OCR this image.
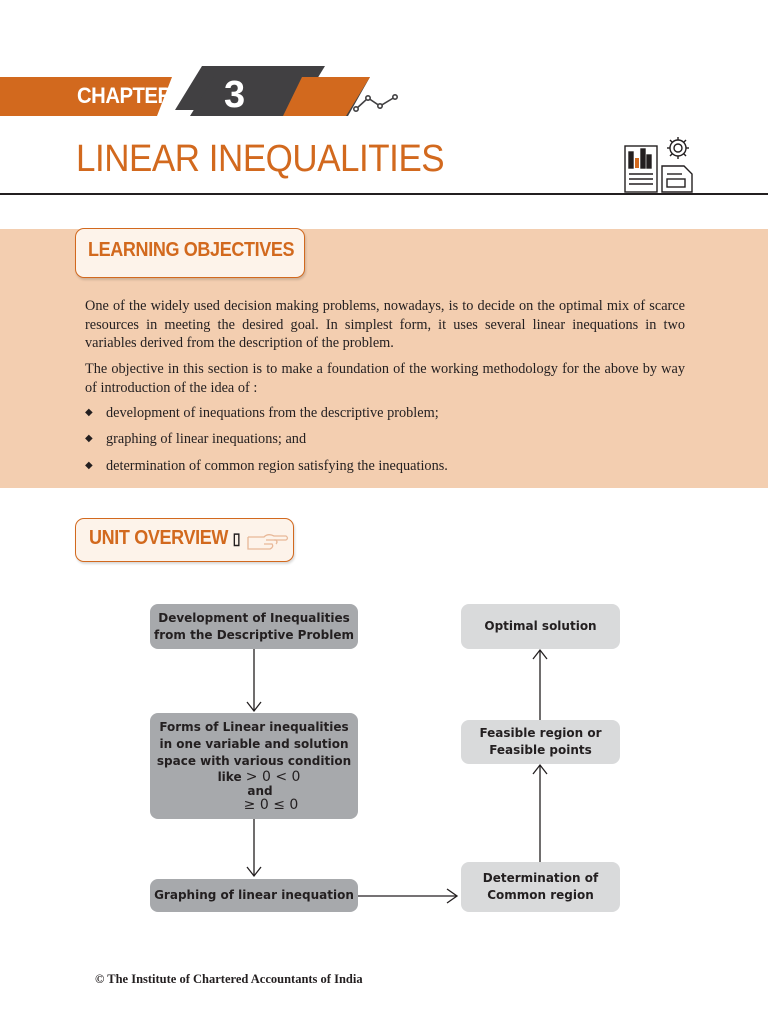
CHAPTER 3
LINEAR INEQUALITIES
LEARNING OBJECTIVES
One of the widely used decision making problems, nowadays, is to decide on the optimal mix of scarce resources in meeting the desired goal. In simplest form, it uses several linear inequations in two variables derived from the description of the problem.
The objective in this section is to make a foundation of the working methodology for the above by way of introduction of the idea of :
◆ development of inequations from the descriptive problem;
◆ graphing of linear inequations; and
◆ determination of common region satisfying the inequations.
UNIT OVERVIEW ▯
Development of Inequalities
from the Descriptive Problem
Forms of Linear inequalities
in one variable and solution
space with various condition
like > 0 < 0
and
≥ 0 ≤ 0
Graphing of linear inequation
Determination of
Common region
Feasible region or
Feasible points
Optimal solution
© The Institute of Chartered Accountants of India
